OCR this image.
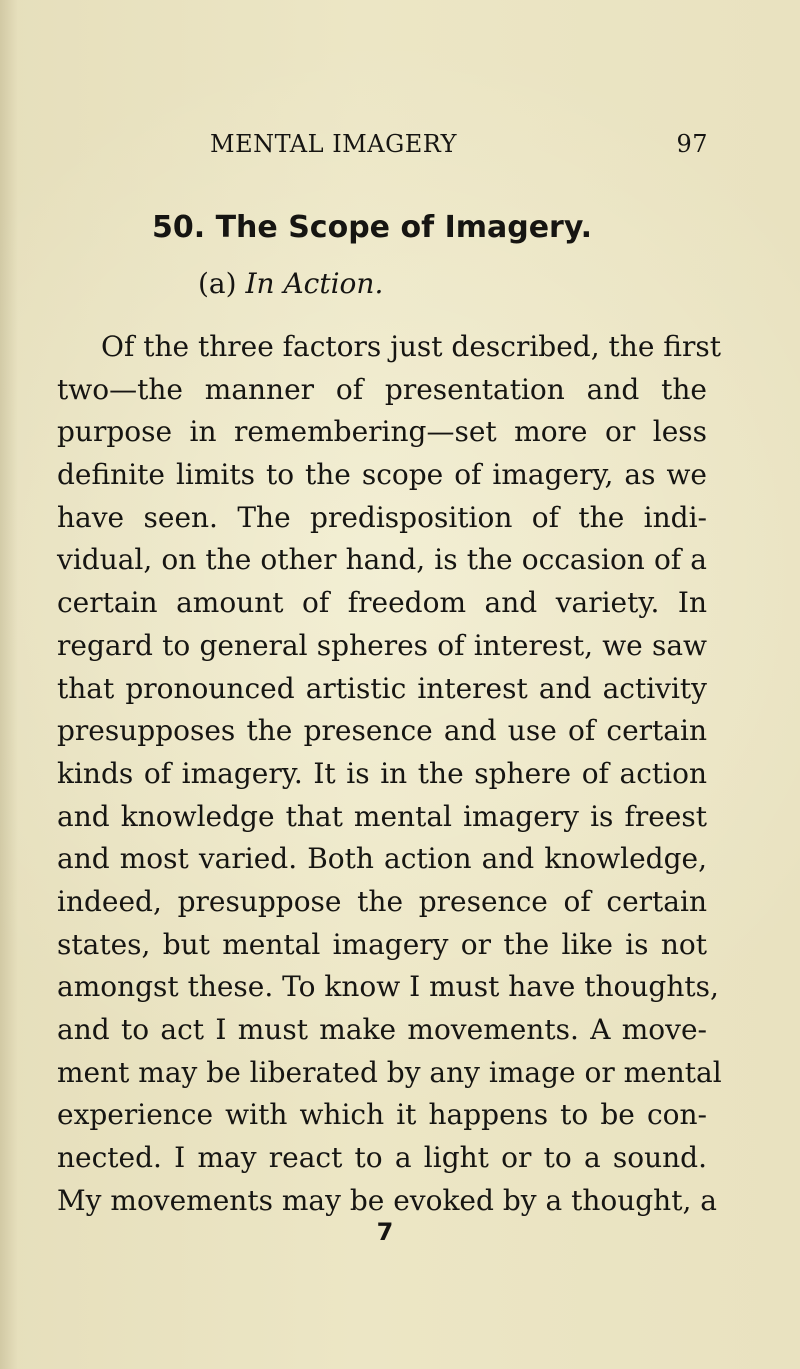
MENTAL IMAGERY	97
50. The Scope of Imagery.
(a) In Action.
Of the three factors just described, the first
two—the manner of presentation and the
purpose in remembering—set more or less
definite limits to the scope of imagery, as we
have seen. The predisposition of the indi-
vidual, on the other hand, is the occasion of a
certain amount of freedom and variety. In
regard to general spheres of interest, we saw
that pronounced artistic interest and activity
presupposes the presence and use of certain
kinds of imagery. It is in the sphere of action
and knowledge that mental imagery is freest
and most varied. Both action and knowledge,
indeed, presuppose the presence of certain
states, but mental imagery or the like is not
amongst these. To know I must have thoughts,
and to act I must make movements. A move-
ment may be liberated by any image or mental
experience with which it happens to be con-
nected. I may react to a light or to a sound.
My movements may be evoked by a thought, a
7
